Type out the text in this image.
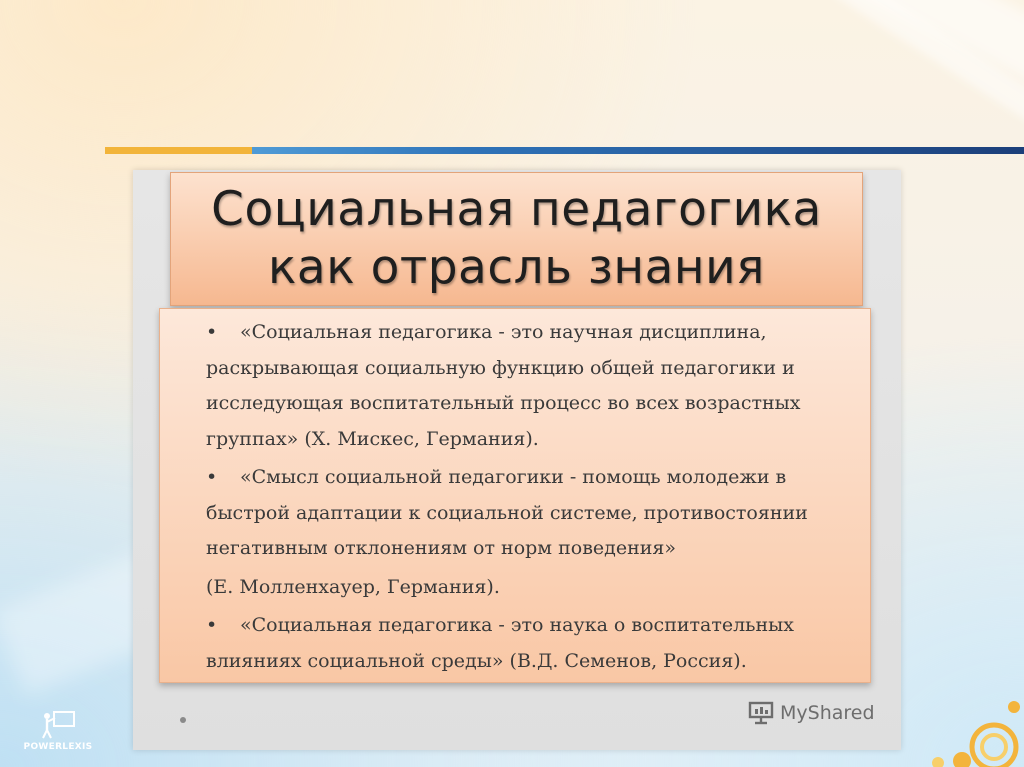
Социальная педагогика
как отрасль знания
•	«Социальная педагогика - это научная дисциплина, раскрывающая социальную функцию общей педагогики и исследующая воспитательный процесс во всех возрастных группах» (Х. Мискес, Германия).
•	«Смысл социальной педагогики - помощь молодежи в быстрой адаптации к социальной системе, противостоянии негативным отклонениям от норм поведения»
(Е. Молленхауер, Германия).
•	«Социальная педагогика - это наука о воспитательных влияниях социальной среды» (В.Д. Семенов, Россия).
MyShared
POWERLEXIS
